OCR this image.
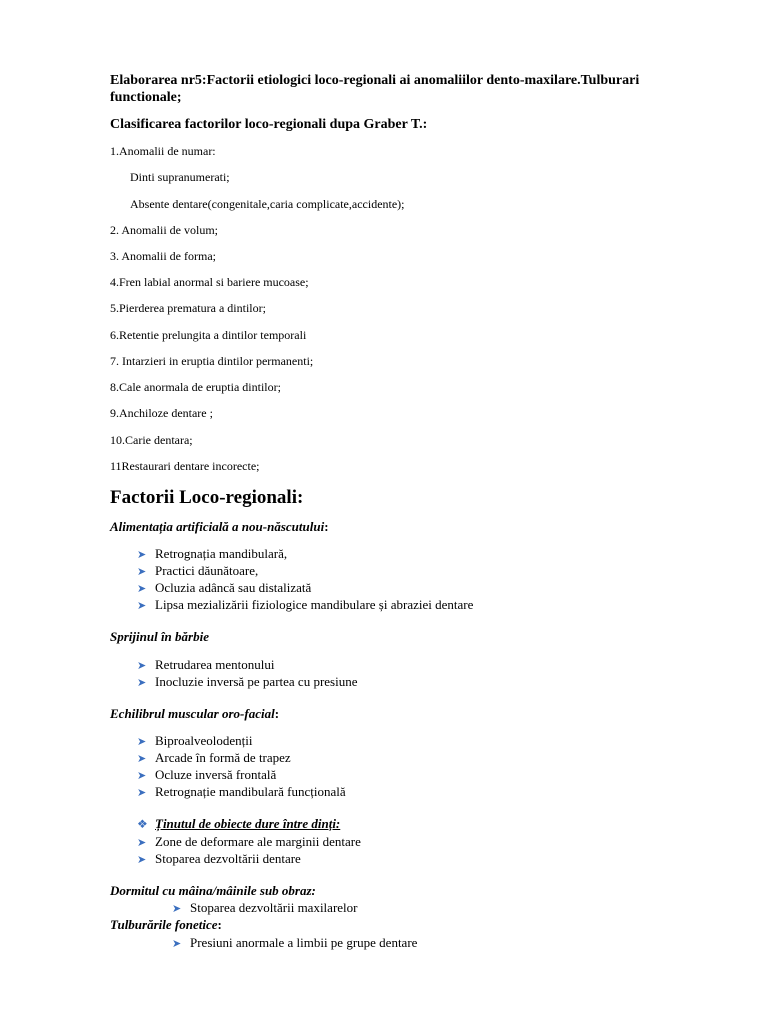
Elaborarea nr5:Factorii etiologici loco-regionali ai anomaliilor dento-maxilare.Tulburari functionale;
Clasificarea factorilor loco-regionali dupa Graber T.:
1.Anomalii de numar:
Dinti supranumerati;
Absente dentare(congenitale,caria complicate,accidente);
2. Anomalii de volum;
3. Anomalii de forma;
4.Fren labial anormal si bariere mucoase;
5.Pierderea prematura a dintilor;
6.Retentie prelungita a dintilor temporali
7. Intarzieri in eruptia dintilor permanenti;
8.Cale anormala de eruptia dintilor;
9.Anchiloze dentare ;
10.Carie dentara;
11Restaurari dentare incorecte;
Factorii Loco-regionali:
Alimentația artificială a nou-născutului:
➤ Retrognația mandibulară,
➤ Practici dăunătoare,
➤ Ocluzia adâncă sau distalizată
➤ Lipsa mezializării fiziologice mandibulare și abraziei dentare
Sprijinul în bărbie
➤ Retrudarea mentonului
➤ Inocluzie inversă pe partea cu presiune
Echilibrul muscular oro-facial:
➤ Biproalveolodenții
➤ Arcade în formă de trapez
➤ Ocluze inversă frontală
➤ Retrognație mandibulară funcțională
❖ Ținutul de obiecte dure între dinți:
➤ Zone de deformare ale marginii dentare
➤ Stoparea dezvoltării dentare
Dormitul cu mâina/mâinile sub obraz:
➤ Stoparea dezvoltării maxilarelor
Tulburările fonetice:
➤ Presiuni anormale a limbii pe grupe dentare
